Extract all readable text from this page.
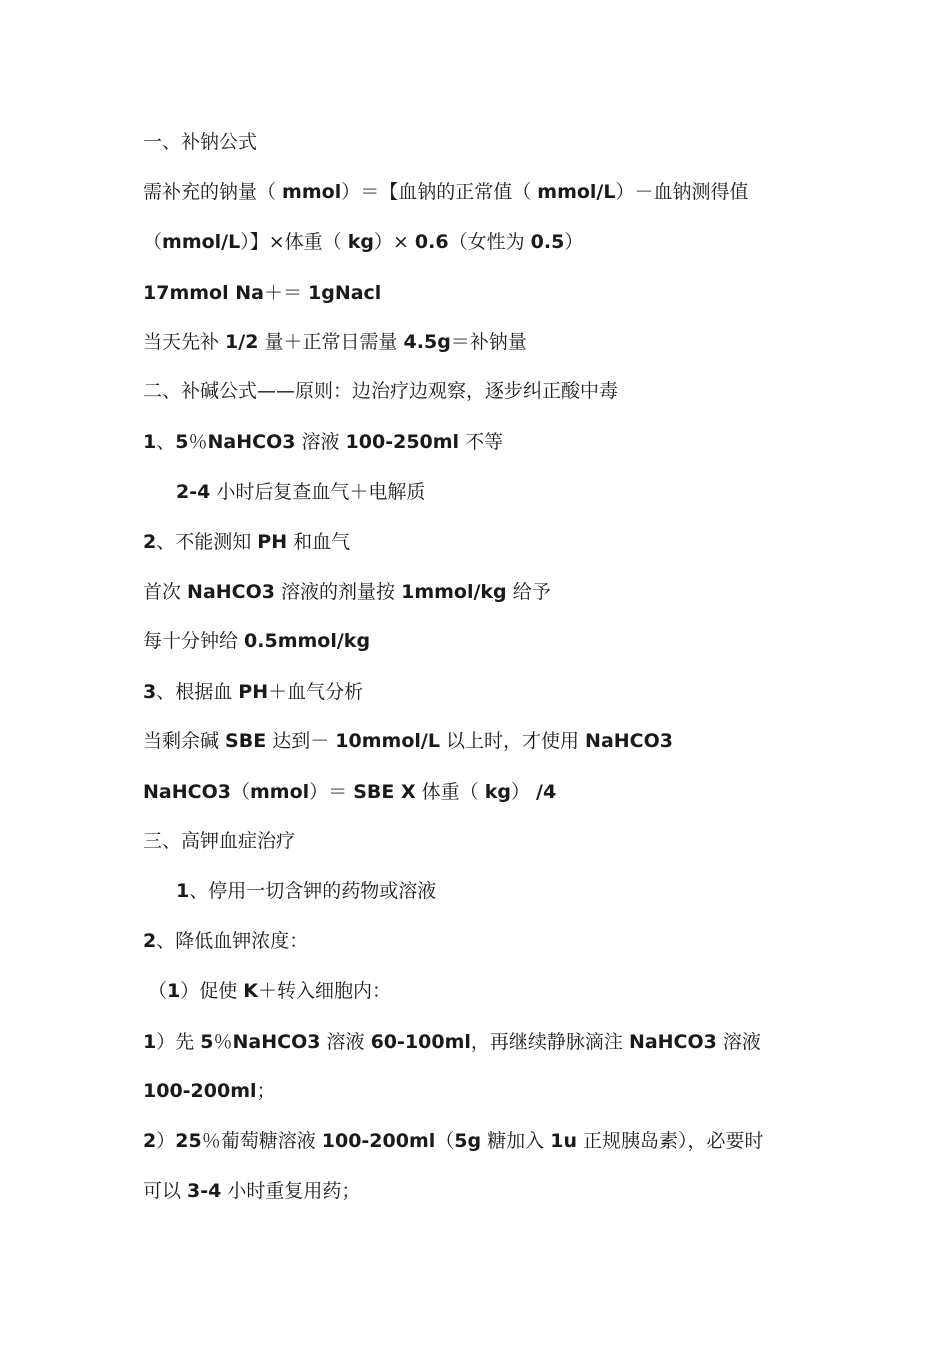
一、补钠公式
需补充的钠量（ mmol）＝【血钠的正常值（ mmol/L）－血钠测得值
（mmol/L）】×体重（ kg）× 0.6（女性为 0.5）
17mmol Na＋＝ 1gNacl
当天先补 1/2 量＋正常日需量 4.5g＝补钠量
二、补碱公式——原则：边治疗边观察，逐步纠正酸中毒
1、5％NaHCO3 溶液 100-250ml 不等
2-4 小时后复查血气＋电解质
2、不能测知 PH 和血气
首次 NaHCO3 溶液的剂量按 1mmol/kg 给予
每十分钟给 0.5mmol/kg
3、根据血 PH＋血气分析
当剩余碱 SBE 达到－ 10mmol/L 以上时，才使用 NaHCO3
NaHCO3（mmol）＝ SBE X 体重（ kg） /4
三、高钾血症治疗
1、停用一切含钾的药物或溶液
2、降低血钾浓度：
（1）促使 K＋转入细胞内：
1）先 5％NaHCO3 溶液 60-100ml，再继续静脉滴注 NaHCO3 溶液
100-200ml；
2）25％葡萄糖溶液 100-200ml（5g 糖加入 1u 正规胰岛素），必要时
可以 3-4 小时重复用药；
